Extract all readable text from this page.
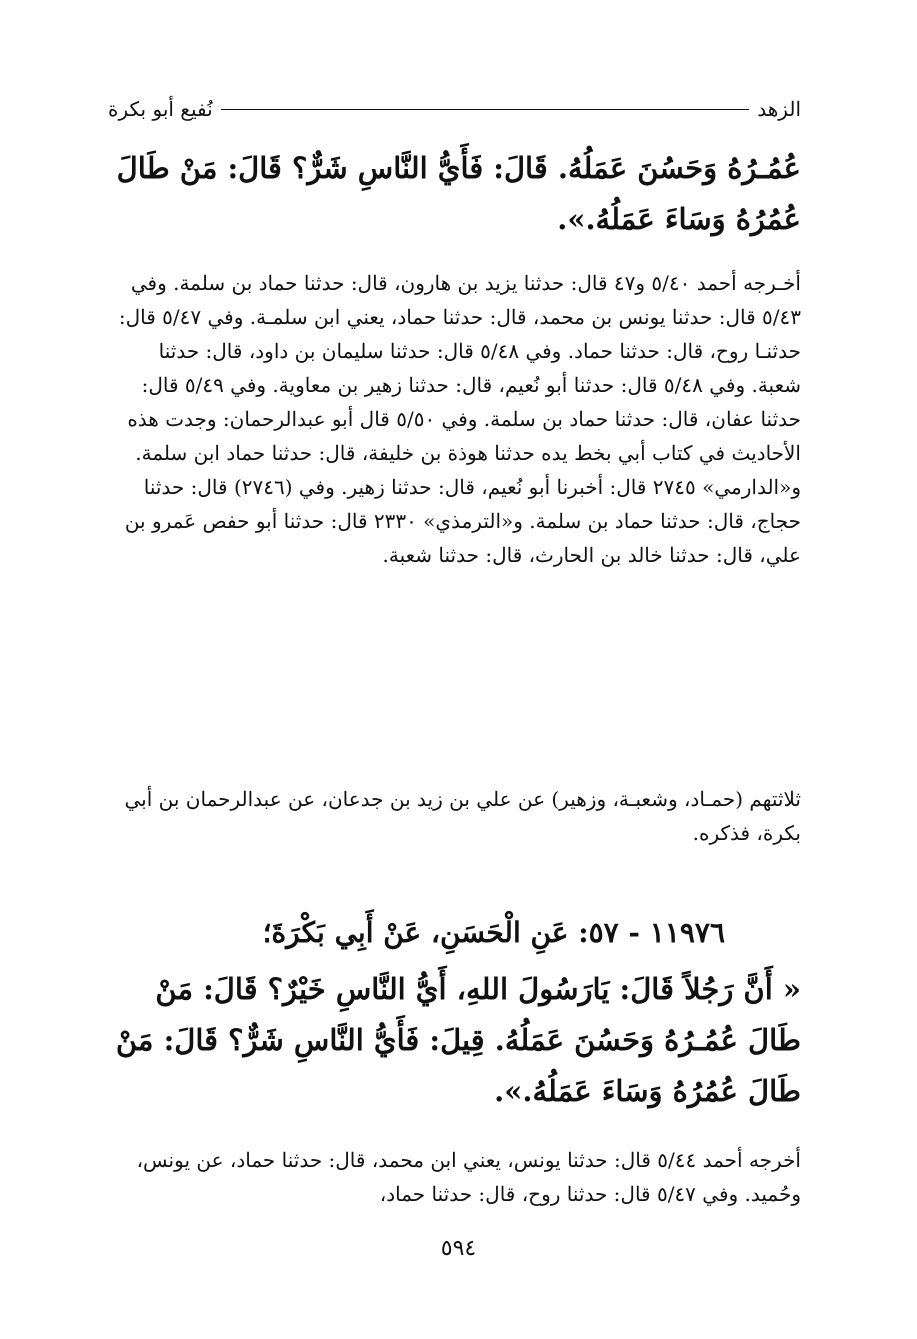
الزهد
نُفيع أبو بكرة
عُمُـرُهُ وَحَسُنَ عَمَلُهُ. قَالَ: فَأَيُّ النَّاسِ شَرٌّ؟ قَالَ: مَنْ طَالَ عُمُرُهُ وَسَاءَ عَمَلُهُ.».
أخـرجه أحمد ٥/٤٠ و٤٧ قال: حدثنا يزيد بن هارون، قال: حدثنا حماد بن سلمة. وفي ٥/٤٣ قال: حدثنا يونس بن محمد، قال: حدثنا حماد، يعني ابن سلمـة. وفي ٥/٤٧ قال: حدثنـا روح، قال: حدثنا حماد. وفي ٥/٤٨ قال: حدثنا سليمان بن داود، قال: حدثنا شعبة. وفي ٥/٤٨ قال: حدثنا أبو نُعيم، قال: حدثنا زهير بن معاوية. وفي ٥/٤٩ قال: حدثنا عفان، قال: حدثنا حماد بن سلمة. وفي ٥/٥٠ قال أبو عبدالرحمان: وجدت هذه الأحاديث في كتاب أبي بخط يده حدثنا هوذة بن خليفة، قال: حدثنا حماد ابن سلمة. و«الدارمي» ٢٧٤٥ قال: أخبرنا أبو نُعيم، قال: حدثنا زهير. وفي (٢٧٤٦) قال: حدثنا حجاج، قال: حدثنا حماد بن سلمة. و«الترمذي» ٢٣٣٠ قال: حدثنا أبو حفص عَمرو بن علي، قال: حدثنا خالد بن الحارث، قال: حدثنا شعبة.
ثلاثتهم (حمـاد، وشعبـة، وزهير) عن علي بن زيد بن جدعان، عن عبدالرحمان بن أبي بكرة، فذكره.
١١٩٧٦ - ٥٧: عَنِ الْحَسَنِ، عَنْ أَبِي بَكْرَةَ؛
« أَنَّ رَجُلاً قَالَ: يَارَسُولَ اللهِ، أَيُّ النَّاسِ خَيْرٌ؟ قَالَ: مَنْ طَالَ عُمُـرُهُ وَحَسُنَ عَمَلُهُ. قِيلَ: فَأَيُّ النَّاسِ شَرٌّ؟ قَالَ: مَنْ طَالَ عُمُرُهُ وَسَاءَ عَمَلُهُ.».
أخرجه أحمد ٥/٤٤ قال: حدثنا يونس، يعني ابن محمد، قال: حدثنا حماد، عن يونس، وحُميد. وفي ٥/٤٧ قال: حدثنا روح، قال: حدثنا حماد،
٥٩٤
